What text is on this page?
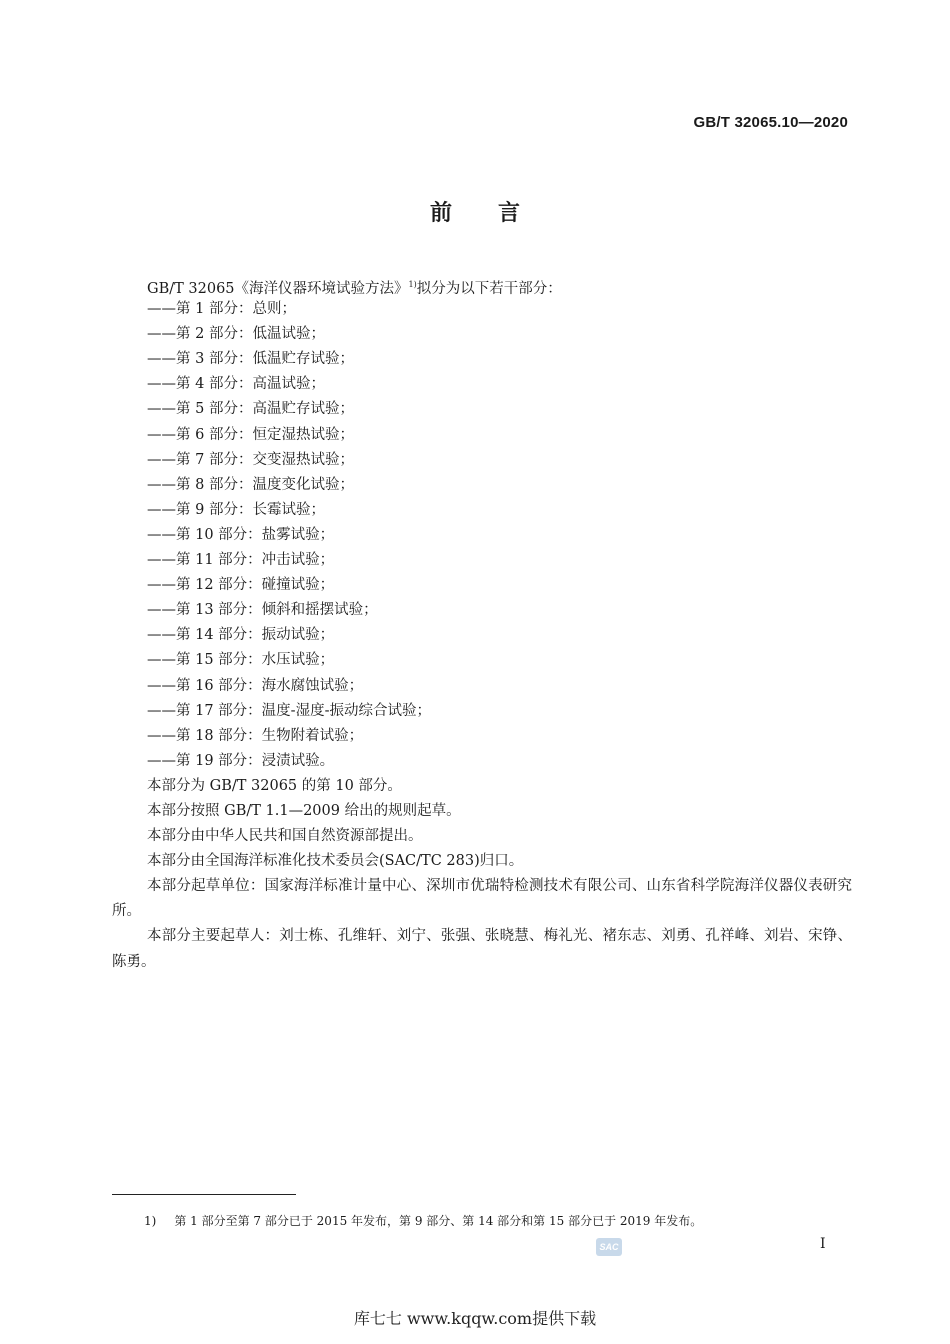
GB/T 32065.10—2020
前言
GB/T 32065《海洋仪器环境试验方法》$^{1)}$拟分为以下若干部分：
——第 1 部分：总则；
——第 2 部分：低温试验；
——第 3 部分：低温贮存试验；
——第 4 部分：高温试验；
——第 5 部分：高温贮存试验；
——第 6 部分：恒定湿热试验；
——第 7 部分：交变湿热试验；
——第 8 部分：温度变化试验；
——第 9 部分：长霉试验；
——第 10 部分：盐雾试验；
——第 11 部分：冲击试验；
——第 12 部分：碰撞试验；
——第 13 部分：倾斜和摇摆试验；
——第 14 部分：振动试验；
——第 15 部分：水压试验；
——第 16 部分：海水腐蚀试验；
——第 17 部分：温度-湿度-振动综合试验；
——第 18 部分：生物附着试验；
——第 19 部分：浸渍试验。
本部分为 GB/T 32065 的第 10 部分。
本部分按照 GB/T 1.1—2009 给出的规则起草。
本部分由中华人民共和国自然资源部提出。
本部分由全国海洋标准化技术委员会(SAC/TC 283)归口。
本部分起草单位：国家海洋标准计量中心、深圳市优瑞特检测技术有限公司、山东省科学院海洋仪器仪表研究所。
本部分主要起草人：刘士栋、孔维轩、刘宁、张强、张晓慧、梅礼光、褚东志、刘勇、孔祥峰、刘岩、宋铮、陈勇。
1) 第 1 部分至第 7 部分已于 2015 年发布，第 9 部分、第 14 部分和第 15 部分已于 2019 年发布。
SAC	I
库七七 www.kqqw.com提供下载
